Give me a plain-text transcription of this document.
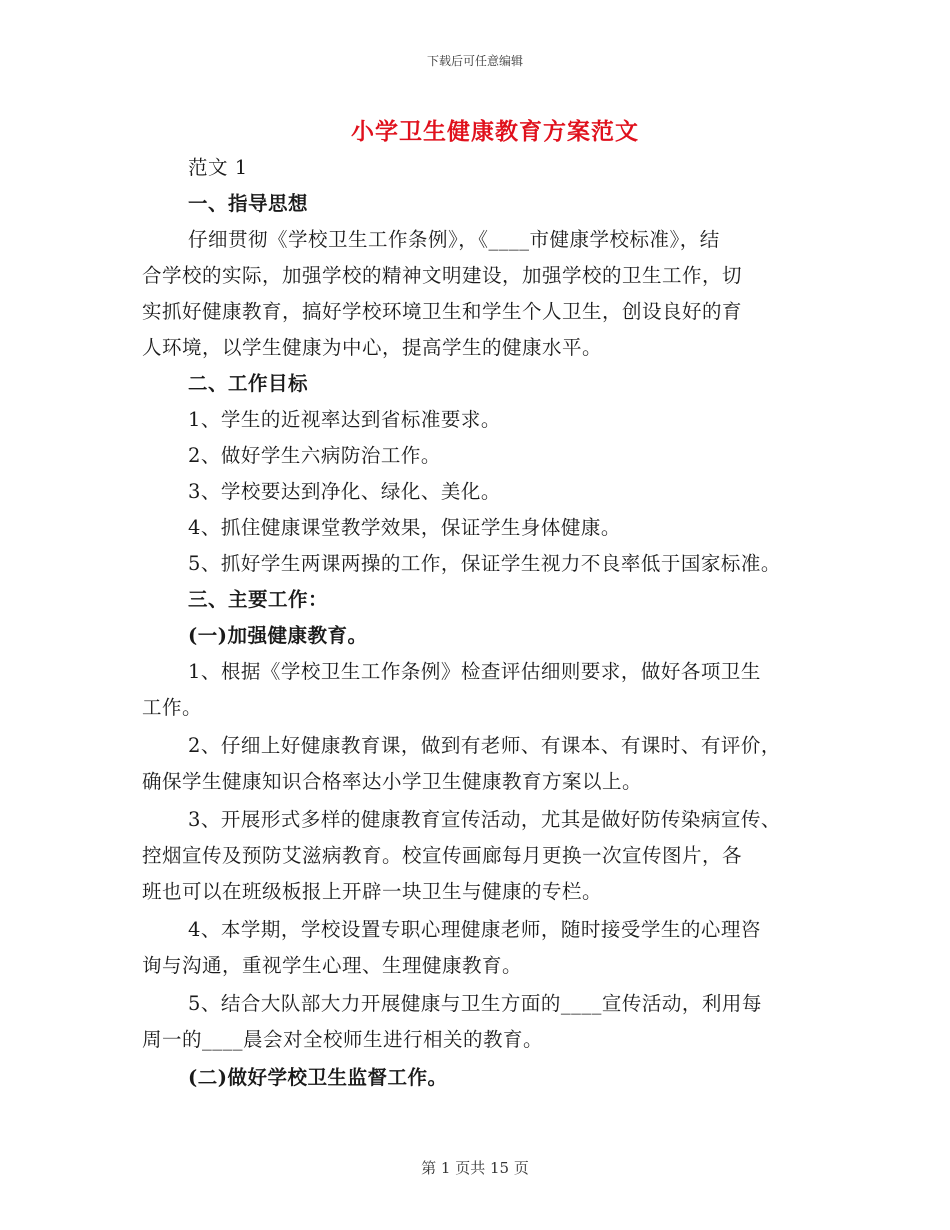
下载后可任意编辑
小学卫生健康教育方案范文
范文 1
一、指导思想
仔细贯彻《学校卫生工作条例》，《____市健康学校标准》，结
合学校的实际，加强学校的精神文明建设，加强学校的卫生工作，切
实抓好健康教育，搞好学校环境卫生和学生个人卫生，创设良好的育
人环境，以学生健康为中心，提高学生的健康水平。
二、工作目标
1、学生的近视率达到省标准要求。
2、做好学生六病防治工作。
3、学校要达到净化、绿化、美化。
4、抓住健康课堂教学效果，保证学生身体健康。
5、抓好学生两课两操的工作，保证学生视力不良率低于国家标准。
三、主要工作：
(一)加强健康教育。
1、根据《学校卫生工作条例》检查评估细则要求，做好各项卫生
工作。
2、仔细上好健康教育课，做到有老师、有课本、有课时、有评价，
确保学生健康知识合格率达小学卫生健康教育方案以上。
3、开展形式多样的健康教育宣传活动，尤其是做好防传染病宣传、
控烟宣传及预防艾滋病教育。校宣传画廊每月更换一次宣传图片，各
班也可以在班级板报上开辟一块卫生与健康的专栏。
4、本学期，学校设置专职心理健康老师，随时接受学生的心理咨
询与沟通，重视学生心理、生理健康教育。
5、结合大队部大力开展健康与卫生方面的____宣传活动，利用每
周一的____晨会对全校师生进行相关的教育。
(二)做好学校卫生监督工作。
第 1 页共 15 页
